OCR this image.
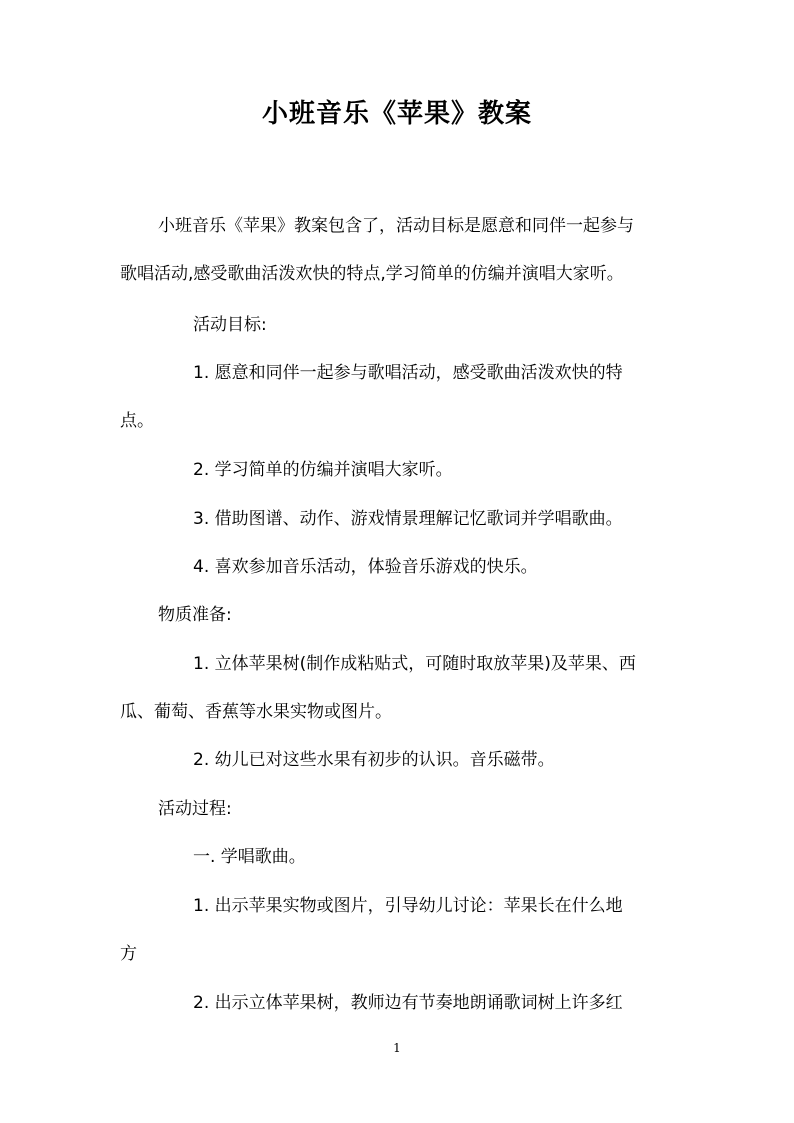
小班音乐《苹果》教案

小班音乐《苹果》教案包含了，活动目标是愿意和同伴一起参与

歌唱活动,感受歌曲活泼欢快的特点,学习简单的仿编并演唱大家听。

活动目标:

1. 愿意和同伴一起参与歌唱活动，感受歌曲活泼欢快的特

点。

2. 学习简单的仿编并演唱大家听。

3. 借助图谱、动作、游戏情景理解记忆歌词并学唱歌曲。

4. 喜欢参加音乐活动，体验音乐游戏的快乐。

物质准备:

1. 立体苹果树(制作成粘贴式，可随时取放苹果)及苹果、西

瓜、葡萄、香蕉等水果实物或图片。

2. 幼儿已对这些水果有初步的认识。音乐磁带。

活动过程:

一. 学唱歌曲。

1. 出示苹果实物或图片，引导幼儿讨论：苹果长在什么地

方

2. 出示立体苹果树，教师边有节奏地朗诵歌词树上许多红

1
